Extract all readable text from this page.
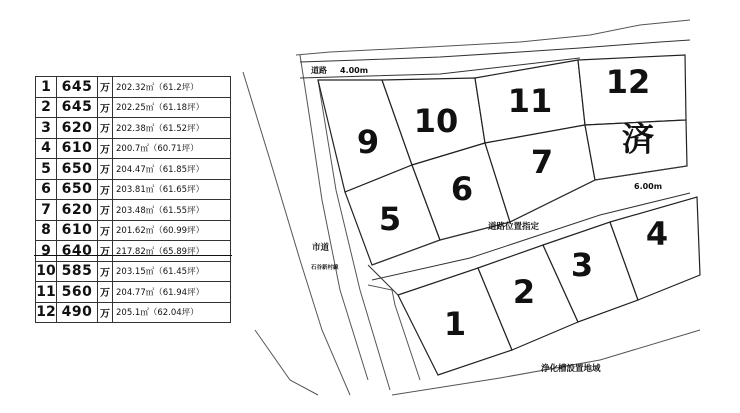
1	645	万	202.32㎡（61.2坪）
2	645	万	202.25㎡（61.18坪）
3	620	万	202.38㎡（61.52坪）
4	610	万	200.7㎡（60.71坪）
5	650	万	204.47㎡（61.85坪）
6	650	万	203.81㎡（61.65坪）
7	620	万	203.48㎡（61.55坪）
8	610	万	201.62㎡（60.99坪）
9	640	万	217.82㎡（65.89坪）
10	585	万	203.15㎡（61.45坪）
11	560	万	204.77㎡（61.94坪）
12	490	万	205.1㎡（62.04坪）
9
10
11 12
5
6
7
済
1
2
3
4
道路 4.00m
6.00m
道路位置指定
市道
石谷新村線
浄化槽設置地域
